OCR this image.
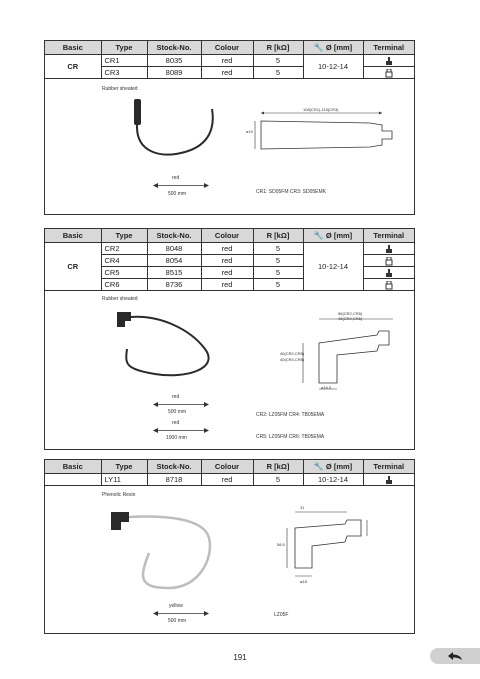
Basic	Type	Stock-No.	Colour	R [kΩ]	🔧 Ø [mm]	Terminal
CR	CR1	8035	red	5	10-12-14	
	CR3	8089	red	5	
Rubber sheated
red
500 mm
108(CR1),115(CR3)
ø19
CR1: SD05FM CR3: SD05EMK
Basic	Type	Stock-No.	Colour	R [kΩ]	🔧 Ø [mm]	Terminal
CR	CR2	8048	red	5	10-12-14	
	CR4	8054	red	5	
	CR5	8515	red	5	
	CR6	8736	red	5	
Rubber sheated
red
500 mm
red
1000 mm
56(CR2,CR5)
45(CR4,CR6)
45(CR2,CR5)
40(CR4,CR6)
ø16.5
CR2: LZ05FM CR4: TB05EMA
CR5: LZ05FM CR6: TB05EMA
Basic	Type	Stock-No.	Colour	R [kΩ]	🔧 Ø [mm]	Terminal
	LY11	8718	red	5	10-12-14	
Phenolic Resin
yellow
500 mm
31
58.5
ø18
LZ05F
191
